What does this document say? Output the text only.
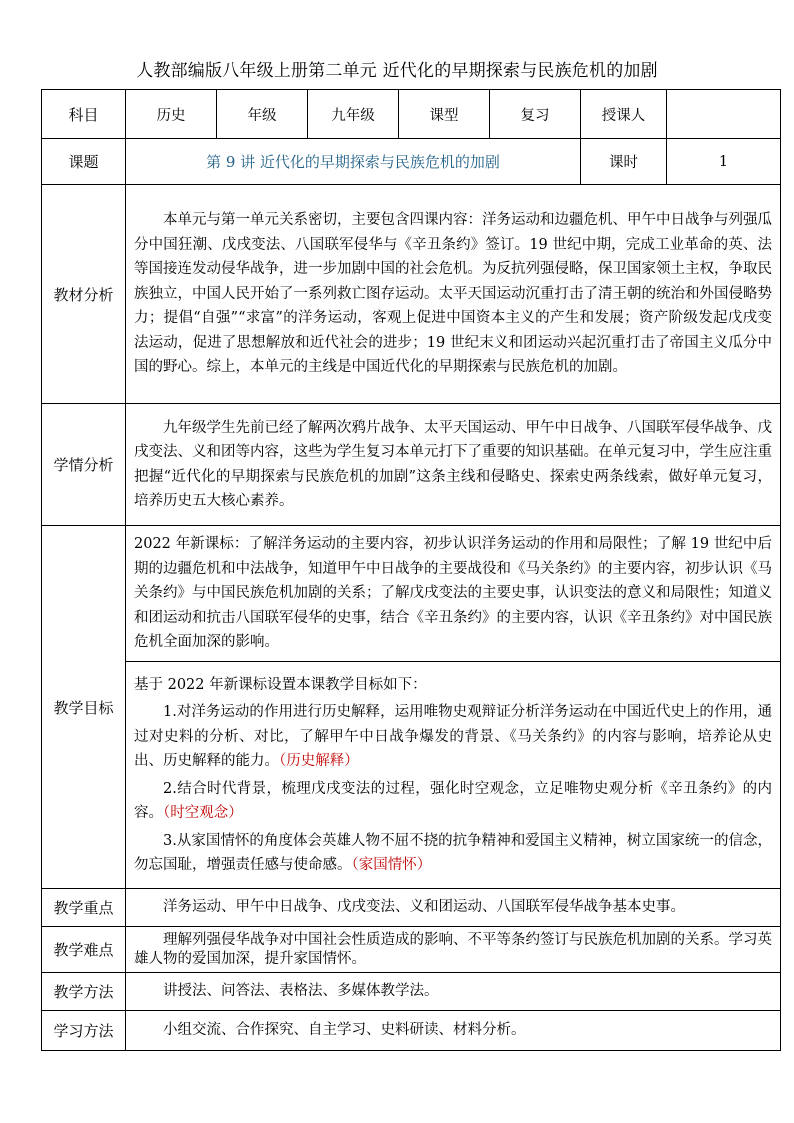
人教部编版八年级上册第二单元 近代化的早期探索与民族危机的加剧
科目	历史	年级	九年级	课型	复习	授课人	
课题	第 9 讲 近代化的早期探索与民族危机的加剧					课时	1
教材分析	本单元与第一单元关系密切，主要包含四课内容：洋务运动和边疆危机、甲午中日战争与列强瓜分中国狂潮、戊戌变法、八国联军侵华与《辛丑条约》签订。19 世纪中期，完成工业革命的英、法等国接连发动侵华战争，进一步加剧中国的社会危机。为反抗列强侵略，保卫国家领土主权，争取民族独立，中国人民开始了一系列救亡图存运动。太平天国运动沉重打击了清王朝的统治和外国侵略势力；提倡“自强”“求富”的洋务运动，客观上促进中国资本主义的产生和发展；资产阶级发起戊戌变法运动，促进了思想解放和近代社会的进步；19 世纪末义和团运动兴起沉重打击了帝国主义瓜分中国的野心。综上，本单元的主线是中国近代化的早期探索与民族危机的加剧。						
学情分析	九年级学生先前已经了解两次鸦片战争、太平天国运动、甲午中日战争、八国联军侵华战争、戊戌变法、义和团等内容，这些为学生复习本单元打下了重要的知识基础。在单元复习中，学生应注重把握“近代化的早期探索与民族危机的加剧”这条主线和侵略史、探索史两条线索，做好单元复习，培养历史五大核心素养。						
教学目标	2022 年新课标：了解洋务运动的主要内容，初步认识洋务运动的作用和局限性；了解 19 世纪中后期的边疆危机和中法战争，知道甲午中日战争的主要战役和《马关条约》的主要内容，初步认识《马关条约》与中国民族危机加剧的关系；了解戊戌变法的主要史事，认识变法的意义和局限性；知道义和团运动和抗击八国联军侵华的史事，结合《辛丑条约》的主要内容，认识《辛丑条约》对中国民族危机全面加深的影响。						

	基于 2022 年新课标设置本课教学目标如下：

1.对洋务运动的作用进行历史解释，运用唯物史观辩证分析洋务运动在中国近代史上的作用，通过对史料的分析、对比，了解甲午中日战争爆发的背景、《马关条约》的内容与影响，培养论从史出、历史解释的能力。（历史解释）

2.结合时代背景，梳理戊戌变法的过程，强化时空观念，立足唯物史观分析《辛丑条约》的内容。（时空观念）

3.从家国情怀的角度体会英雄人物不屈不挠的抗争精神和爱国主义精神，树立国家统一的信念，勿忘国耻，增强责任感与使命感。（家国情怀）						

教学重点	洋务运动、甲午中日战争、戊戌变法、义和团运动、八国联军侵华战争基本史事。						
教学难点	理解列强侵华战争对中国社会性质造成的影响、不平等条约签订与民族危机加剧的关系。学习英雄人物的爱国加深，提升家国情怀。						
教学方法	讲授法、问答法、表格法、多媒体教学法。						
学习方法	小组交流、合作探究、自主学习、史料研读、材料分析。						
